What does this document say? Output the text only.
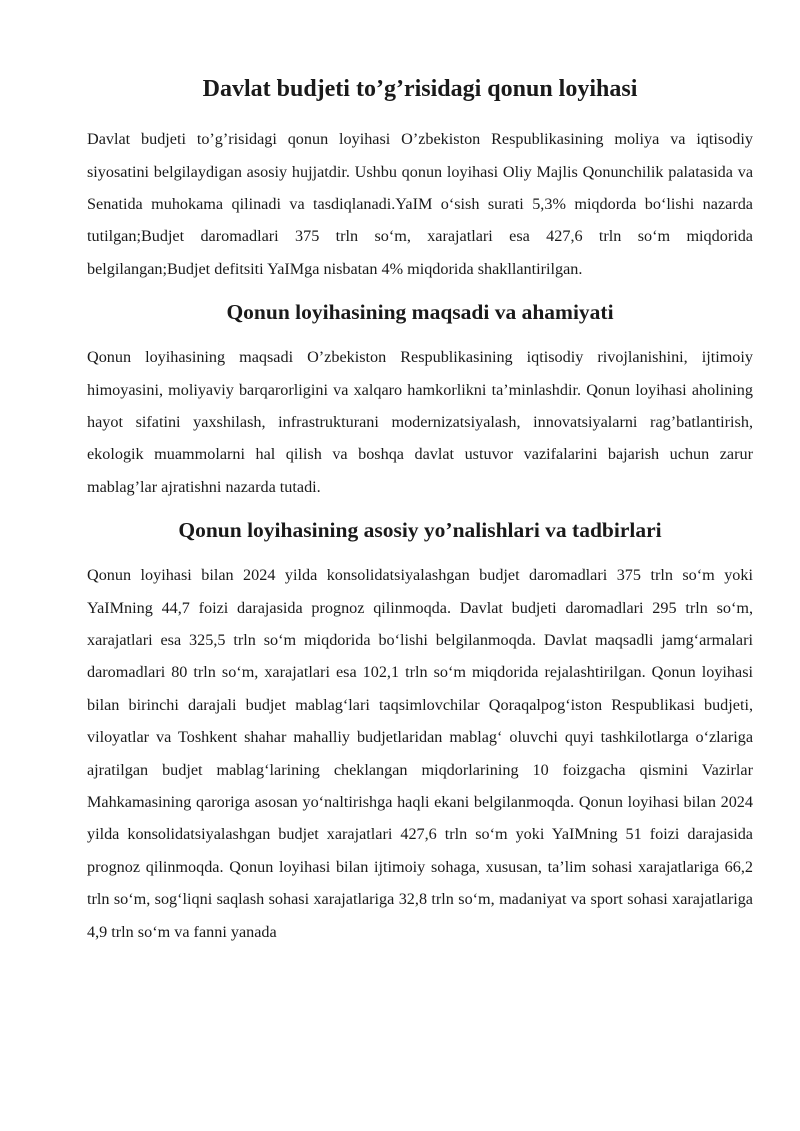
Davlat budjeti to’g’risidagi qonun loyihasi

Davlat budjeti to’g’risidagi qonun loyihasi O’zbekiston Respublikasining moliya va iqtisodiy siyosatini belgilaydigan asosiy hujjatdir. Ushbu qonun loyihasi Oliy Majlis Qonunchilik palatasida va Senatida muhokama qilinadi va tasdiqlanadi.YaIM o‘sish surati 5,3% miqdorda bo‘lishi nazarda tutilgan;Budjet daromadlari 375 trln so‘m, xarajatlari esa 427,6 trln so‘m miqdorida belgilangan;Budjet defitsiti YaIMga nisbatan 4% miqdorida shakllantirilgan.

Qonun loyihasining maqsadi va ahamiyati

Qonun loyihasining maqsadi O’zbekiston Respublikasining iqtisodiy rivojlanishini, ijtimoiy himoyasini, moliyaviy barqarorligini va xalqaro hamkorlikni ta’minlashdir. Qonun loyihasi aholining hayot sifatini yaxshilash, infrastrukturani modernizatsiyalash, innovatsiyalarni rag’batlantirish, ekologik muammolarni hal qilish va boshqa davlat ustuvor vazifalarini bajarish uchun zarur mablag’lar ajratishni nazarda tutadi.

Qonun loyihasining asosiy yo’nalishlari va tadbirlari

Qonun loyihasi bilan 2024 yilda konsolidatsiyalashgan budjet daromadlari 375 trln so‘m yoki YaIMning 44,7 foizi darajasida prognoz qilinmoqda. Davlat budjeti daromadlari 295 trln so‘m, xarajatlari esa 325,5 trln so‘m miqdorida bo‘lishi belgilanmoqda. Davlat maqsadli jamg‘armalari daromadlari 80 trln so‘m, xarajatlari esa 102,1 trln so‘m miqdorida rejalashtirilgan. Qonun loyihasi bilan birinchi darajali budjet mablag‘lari taqsimlovchilar Qoraqalpog‘iston Respublikasi budjeti, viloyatlar va Toshkent shahar mahalliy budjetlaridan mablag‘ oluvchi quyi tashkilotlarga o‘zlariga ajratilgan budjet mablag‘larining cheklangan miqdorlarining 10 foizgacha qismini Vazirlar Mahkamasining qaroriga asosan yo‘naltirishga haqli ekani belgilanmoqda. Qonun loyihasi bilan 2024 yilda konsolidatsiyalashgan budjet xarajatlari 427,6 trln so‘m yoki YaIMning 51 foizi darajasida prognoz qilinmoqda. Qonun loyihasi bilan ijtimoiy sohaga, xususan, ta’lim sohasi xarajatlariga 66,2 trln so‘m, sog‘liqni saqlash sohasi xarajatlariga 32,8 trln so‘m, madaniyat va sport sohasi xarajatlariga 4,9 trln so‘m va fanni yanada
